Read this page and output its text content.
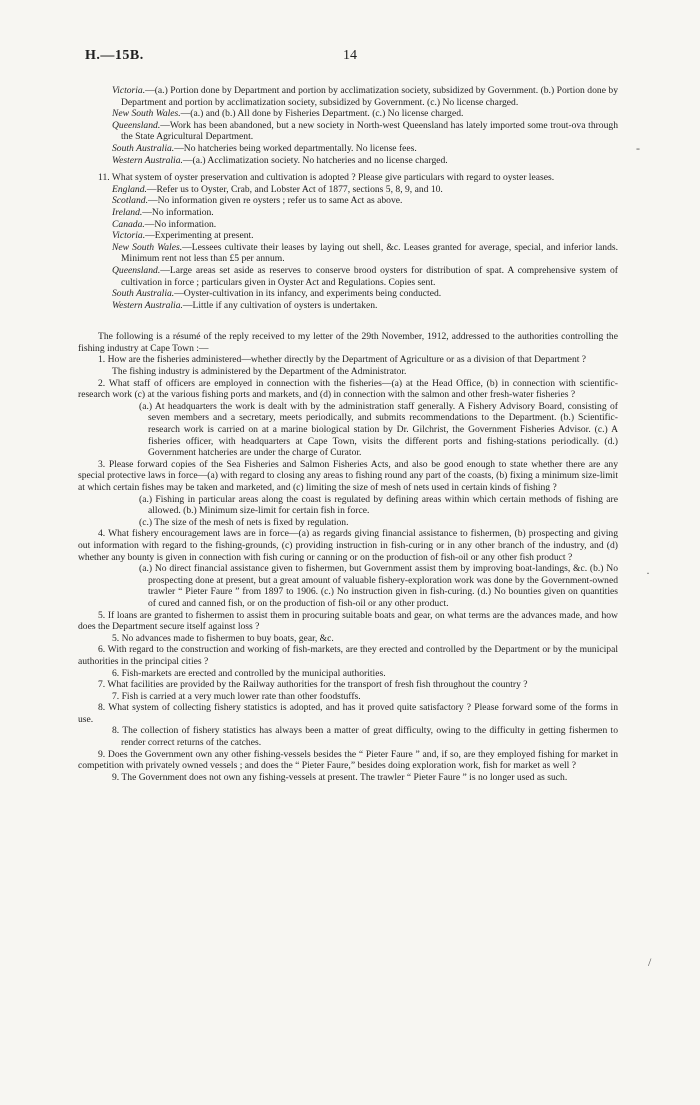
H.—15B.	14
-
·
/

Victoria.—(a.) Portion done by Department and portion by acclimatization society, subsidized by Government. (b.) Portion done by Department and portion by acclimatization society, subsidized by Government. (c.) No license charged.

New South Wales.—(a.) and (b.) All done by Fisheries Department. (c.) No license charged.

Queensland.—Work has been abandoned, but a new society in North-west Queensland has lately imported some trout-ova through the State Agricultural Department.

South Australia.—No hatcheries being worked departmentally. No license fees.

Western Australia.—(a.) Acclimatization society. No hatcheries and no license charged.

11. What system of oyster preservation and cultivation is adopted ? Please give particulars with regard to oyster leases.

England.—Refer us to Oyster, Crab, and Lobster Act of 1877, sections 5, 8, 9, and 10.

Scotland.—No information given re oysters ; refer us to same Act as above.

Ireland.—No information.

Canada.—No information.

Victoria.—Experimenting at present.

New South Wales.—Lessees cultivate their leases by laying out shell, &c. Leases granted for average, special, and inferior lands. Minimum rent not less than £5 per annum.

Queensland.—Large areas set aside as reserves to conserve brood oysters for distribution of spat. A comprehensive system of cultivation in force ; particulars given in Oyster Act and Regulations. Copies sent.

South Australia.—Oyster-cultivation in its infancy, and experiments being conducted.

Western Australia.—Little if any cultivation of oysters is undertaken.

The following is a résumé of the reply received to my letter of the 29th November, 1912, addressed to the authorities controlling the fishing industry at Cape Town :—

1. How are the fisheries administered—whether directly by the Department of Agriculture or as a division of that Department ?

The fishing industry is administered by the Department of the Administrator.

2. What staff of officers are employed in connection with the fisheries—(a) at the Head Office, (b) in connection with scientific-research work (c) at the various fishing ports and markets, and (d) in connection with the salmon and other fresh-water fisheries ?

(a.) At headquarters the work is dealt with by the administration staff generally. A Fishery Advisory Board, consisting of seven members and a secretary, meets periodically, and submits recommendations to the Department. (b.) Scientific-research work is carried on at a marine biological station by Dr. Gilchrist, the Government Fisheries Advisor. (c.) A fisheries officer, with headquarters at Cape Town, visits the different ports and fishing-stations periodically. (d.) Government hatcheries are under the charge of Curator.

3. Please forward copies of the Sea Fisheries and Salmon Fisheries Acts, and also be good enough to state whether there are any special protective laws in force—(a) with regard to closing any areas to fishing round any part of the coasts, (b) fixing a minimum size-limit at which certain fishes may be taken and marketed, and (c) limiting the size of mesh of nets used in certain kinds of fishing ?

(a.) Fishing in particular areas along the coast is regulated by defining areas within which certain methods of fishing are allowed. (b.) Minimum size-limit for certain fish in force.

(c.) The size of the mesh of nets is fixed by regulation.

4. What fishery encouragement laws are in force—(a) as regards giving financial assistance to fishermen, (b) prospecting and giving out information with regard to the fishing-grounds, (c) providing instruction in fish-curing or in any other branch of the industry, and (d) whether any bounty is given in connection with fish curing or canning or on the production of fish-oil or any other fish product ?

(a.) No direct financial assistance given to fishermen, but Government assist them by improving boat-landings, &c. (b.) No prospecting done at present, but a great amount of valuable fishery-exploration work was done by the Government-owned trawler “ Pieter Faure ” from 1897 to 1906. (c.) No instruction given in fish-curing. (d.) No bounties given on quantities of cured and canned fish, or on the production of fish-oil or any other product.

5. If loans are granted to fishermen to assist them in procuring suitable boats and gear, on what terms are the advances made, and how does the Department secure itself against loss ?

5. No advances made to fishermen to buy boats, gear, &c.

6. With regard to the construction and working of fish-markets, are they erected and controlled by the Department or by the municipal authorities in the principal cities ?

6. Fish-markets are erected and controlled by the municipal authorities.

7. What facilities are provided by the Railway authorities for the transport of fresh fish throughout the country ?

7. Fish is carried at a very much lower rate than other foodstuffs.

8. What system of collecting fishery statistics is adopted, and has it proved quite satisfactory ? Please forward some of the forms in use.

8. The collection of fishery statistics has always been a matter of great difficulty, owing to the difficulty in getting fishermen to render correct returns of the catches.

9. Does the Government own any other fishing-vessels besides the “ Pieter Faure ” and, if so, are they employed fishing for market in competition with privately owned vessels ; and does the “ Pieter Faure,” besides doing exploration work, fish for market as well ?

9. The Government does not own any fishing-vessels at present. The trawler “ Pieter Faure ” is no longer used as such.
